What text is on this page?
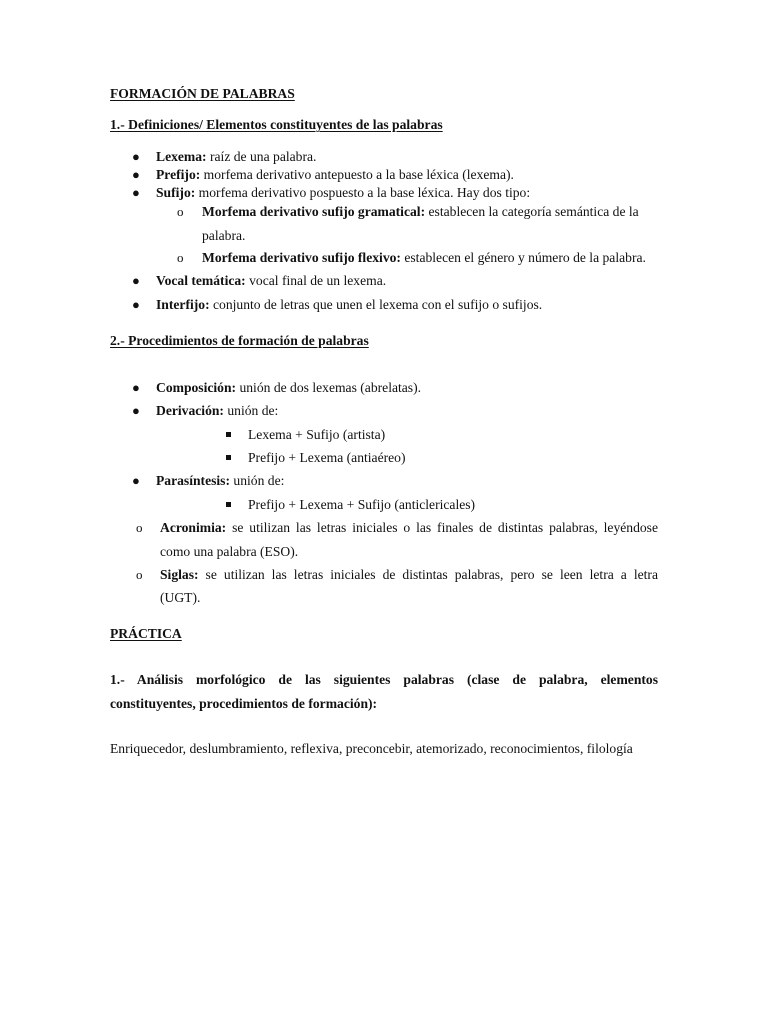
FORMACIÓN DE PALABRAS
1.- Definiciones/ Elementos constituyentes de las palabras
● Lexema: raíz de una palabra.
● Prefijo: morfema derivativo antepuesto a la base léxica (lexema).
● Sufijo: morfema derivativo pospuesto a la base léxica. Hay dos tipo:
o Morfema derivativo sufijo gramatical: establecen la categoría semántica de la
palabra.
o Morfema derivativo sufijo flexivo: establecen el género y número de la palabra.
● Vocal temática: vocal final de un lexema.
● Interfijo: conjunto de letras que unen el lexema con el sufijo o sufijos.
2.- Procedimientos de formación de palabras
● Composición: unión de dos lexemas (abrelatas).
● Derivación: unión de:
Lexema + Sufijo (artista)
Prefijo + Lexema (antiaéreo)
● Parasíntesis: unión de:
Prefijo + Lexema + Sufijo (anticlericales)
o Acronimia: se utilizan las letras iniciales o las finales de distintas palabras, leyéndose
como una palabra (ESO).
o Siglas: se utilizan las letras iniciales de distintas palabras, pero se leen letra a letra
(UGT).
PRÁCTICA
1.- Análisis morfológico de las siguientes palabras (clase de palabra, elementos
constituyentes, procedimientos de formación):
Enriquecedor, deslumbramiento, reflexiva, preconcebir, atemorizado, reconocimientos, filología
